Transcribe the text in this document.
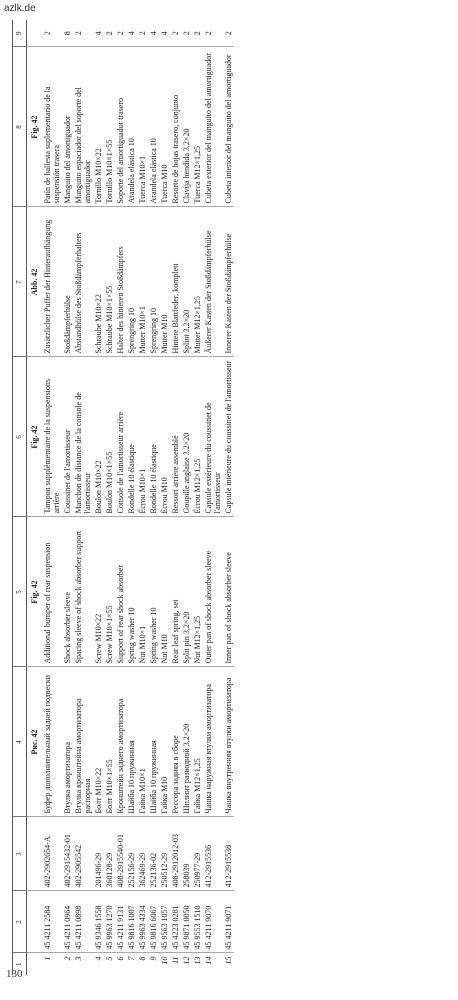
azlk.de
130
1	2	3	4	5	6	7	8	9
			Рис. 42	Fig. 42	Fig. 42	Abb. 42	Fig. 42	
1	45 4211 2584	402-2902654-A	Буфер дополнительный задней подвески	Additional bumper of rear suspension	Tampon supplémentaire de la suspensions arrière	Zusätzlicher Puffer der Hinteraufhängung	Patín de ballesta suplementario de la suspensión trasera	2
2	45 4211 0964	402-2915432-01	Втулка амортизатора	Shock absorber sleeve	Coussinet de l'amortisseur	Stoßdämpferhülse	Manguito del amortiguador	8
3	45 4211 0898	402-2905542	Втулка кронштейна амортизатора распорная	Spacing sleeve of shock absorber support	Manchon de distance de la console de l'amortisseur	Abstandhülse des Stoßdämpferhalters	Manguito espaciador del soporte del amortiguador	2
4	45 9346 1558	201496-29	Болт М10×22	Screw M10×22	Boulon M10×22	Schraube M10×22	Tornillo M10×22	4
5	45 9963 1270	360128-29	Болт М10×1×55	Screw M10×1×55	Boulon M10×1×55	Schraube M10×1×55	Tornillo M10×1×55	2
6	45 4211 9131	408-2915540-01	Кронштейн заднего амортизатора	Support of rear shock absorber	Console de l'amortisseur arrière	Halter des hinteren Stoßdämpfers	Soporte del amortiguador trasero	2
7	45 9816 1007	252156-29	Шайба 10 пружинная	Spring washer 10	Rondelle 10 élastique	Sprengring 10	Arandela elástica 10	4
8	45 9963 4334	362469-29	Гайка М10×1	Nut M10×1	Écrou M10×1	Mutter M10×1	Tuerca M10×1	2
9	45 9816 6067	252136-02	Шайба 10 пружинная	Spring washer 10	Rondelle 10 élastique	Sprengring 10	Arandela elástica 10	4
10	45 9563 1057	250512-29	Гайка М10	Nut M10	Écrou M10	Mutter M10	Tuerca M10	4
11	45 4223 0281	408-2912012-03	Рессора задняя в сборе	Rear leaf spring, set	Ressort arrière assemblé	Hintere Blattfeder, komplett	Resorte de hojas trasero, conjunto	2
12	45 9871 0050	258039	Шплинт разводной 3,2×20	Split pin 3,2×20	Goupille anglaise 3,2×20	Splint 3,2×20	Clavija hendida 3,2×20	2
13	45 9553 1510	250977-29	Гайка М12×1,25	Nut M12×1,25	Écrou M12×1,25	Mutter M12×1,25	Tuerca M12×1,25	2
14	45 4211 9070	412-2915536	Чашка наружная втулки амортизатора	Outer pan of shock absorber sleeve	Capsule extérieure du coussinet de l'amortisseur	Äußerer Kasten der Stoßdämpferhülse	Cubeta exterior del manguito del amortiguador	2
15	45 4211 9071	412-2915538	Чашка внутренняя втулки амортизатора	Inner pan of shock absorber sleeve	Capsule intérieure du coussinet de l'amortisseur	Innerer Kasten der Stoßdämpferhülse	Cubeta interior del manguito del amortiguador	2
